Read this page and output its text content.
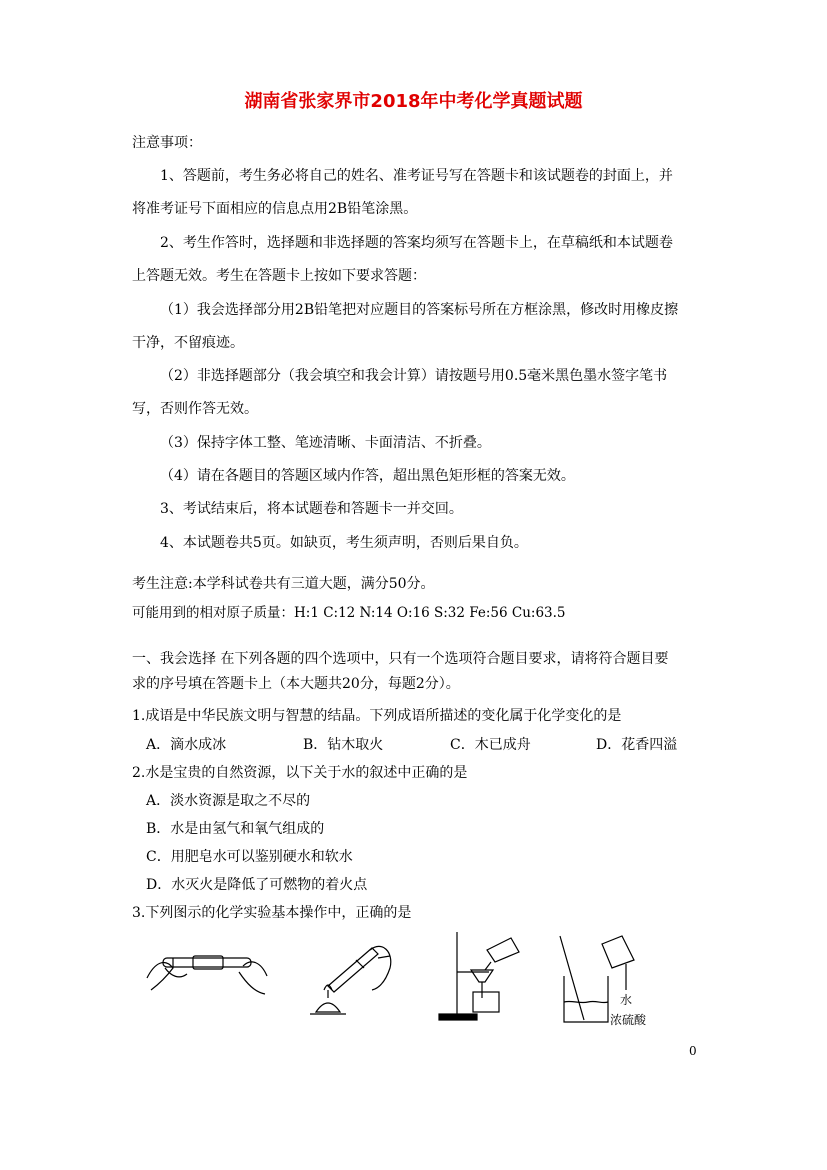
湖南省张家界市2018年中考化学真题试题
注意事项：
1、答题前，考生务必将自己的姓名、准考证号写在答题卡和该试题卷的封面上，并
将准考证号下面相应的信息点用2B铅笔涂黑。
2、考生作答时，选择题和非选择题的答案均须写在答题卡上，在草稿纸和本试题卷
上答题无效。考生在答题卡上按如下要求答题：
（1）我会选择部分用2B铅笔把对应题目的答案标号所在方框涂黑，修改时用橡皮擦
干净，不留痕迹。
（2）非选择题部分（我会填空和我会计算）请按题号用0.5毫米黑色墨水签字笔书
写，否则作答无效。
（3）保持字体工整、笔迹清晰、卡面清洁、不折叠。
（4）请在各题目的答题区域内作答，超出黑色矩形框的答案无效。
3、考试结束后，将本试题卷和答题卡一并交回。
4、本试题卷共5页。如缺页，考生须声明，否则后果自负。
考生注意:本学科试卷共有三道大题，满分50分。
可能用到的相对原子质量：H:1 C:12 N:14 O:16 S:32 Fe:56 Cu:63.5
一、我会选择 在下列各题的四个选项中，只有一个选项符合题目要求，请将符合题目要
求的序号填在答题卡上（本大题共20分，每题2分）。
1.成语是中华民族文明与智慧的结晶。下列成语所描述的变化属于化学变化的是
A．滴水成冰	B．钻木取火	C．木已成舟	D．花香四溢
2.水是宝贵的自然资源，以下关于水的叙述中正确的是
A．淡水资源是取之不尽的
B．水是由氢气和氧气组成的
C．用肥皂水可以鉴别硬水和软水
D．水灭火是降低了可燃物的着火点
3.下列图示的化学实验基本操作中，正确的是
水
浓硫酸
0
